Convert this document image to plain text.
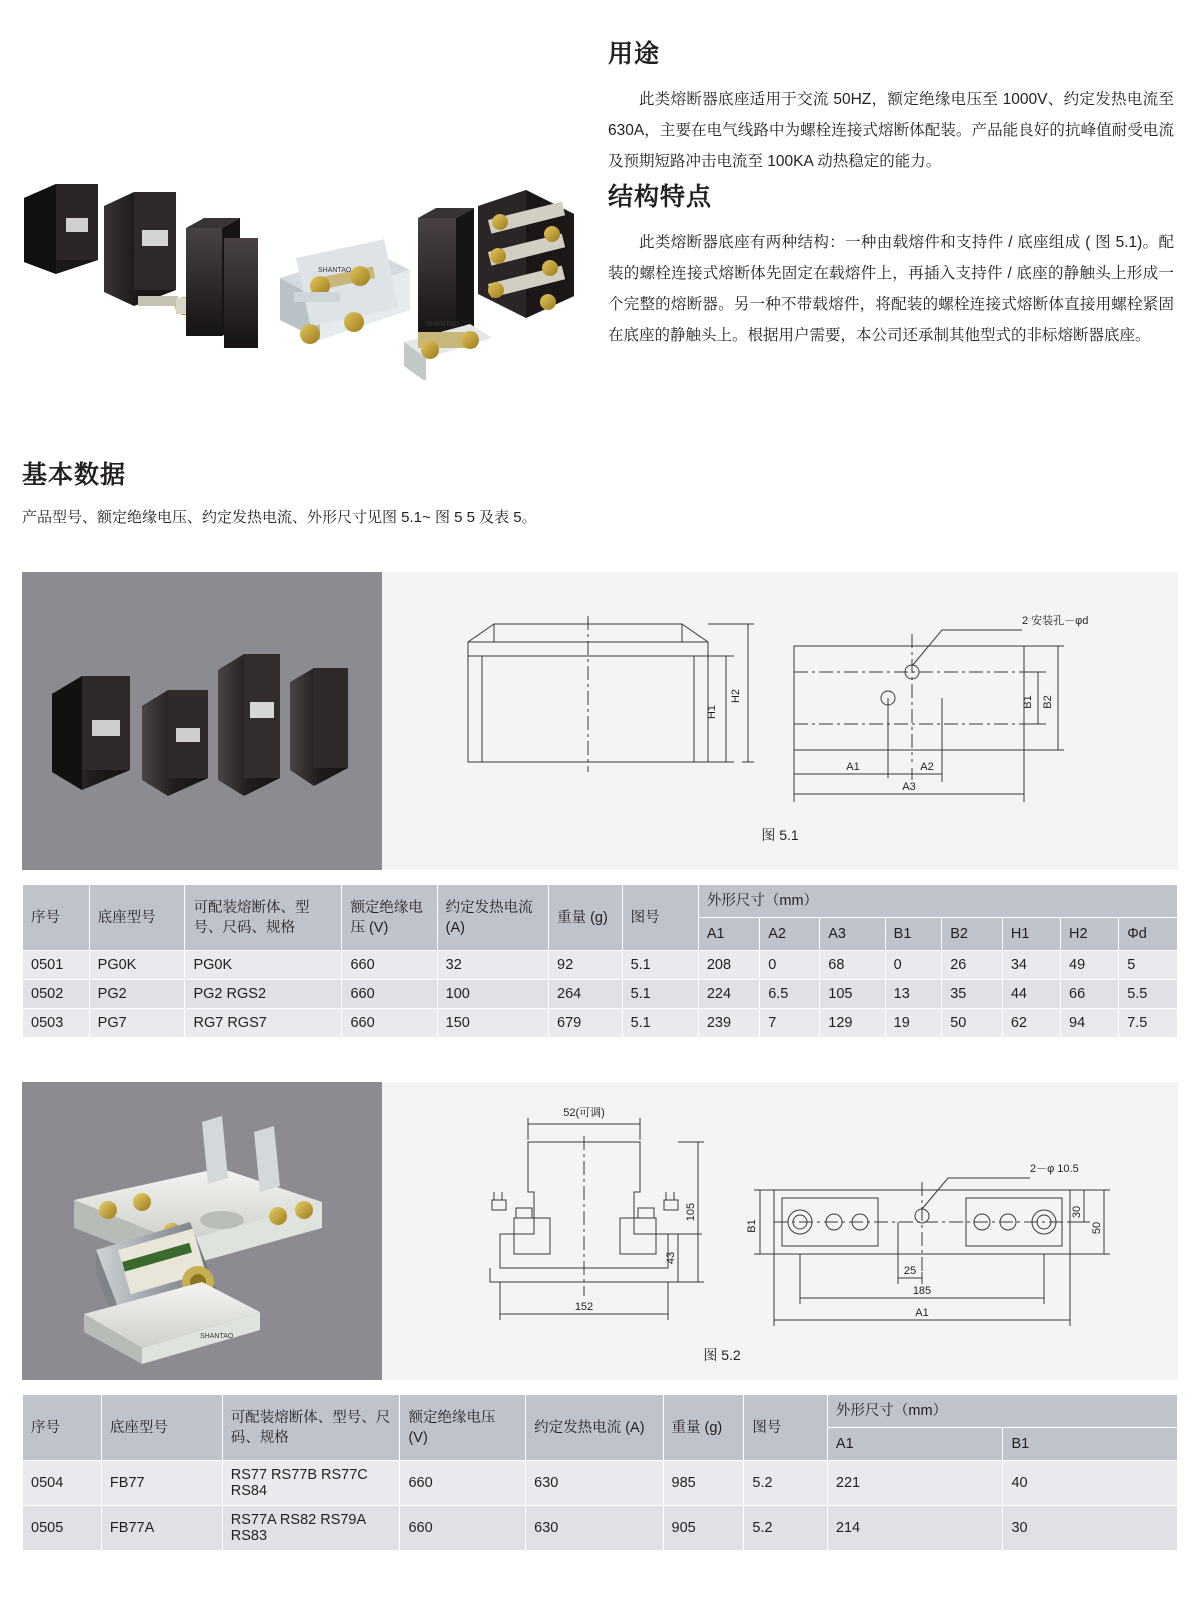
SHANTAO
SHANTAO
用途

此类熔断器底座适用于交流 50HZ，额定绝缘电压至 1000V、约定发热电流至 630A，主要在电气线路中为螺栓连接式熔断体配装。产品能良好的抗峰值耐受电流及预期短路冲击电流至 100KA 动热稳定的能力。

结构特点

此类熔断器底座有两种结构：一种由载熔件和支持件 / 底座组成 ( 图 5.1)。配装的螺栓连接式熔断体先固定在载熔件上，再插入支持件 / 底座的静触头上形成一个完整的熔断器。另一种不带载熔件，将配装的螺栓连接式熔断体直接用螺栓紧固在底座的静触头上。根据用户需要，本公司还承制其他型式的非标熔断器底座。

基本数据
产品型号、额定绝缘电压、约定发热电流、外形尺寸见图 5.1~ 图 5 5 及表 5。
H1
H2
2 安装孔－φd
B1 B2
A1	A2
A3
图 5.1
序号	底座型号	可配装熔断体、型号、尺码、规格	额定绝缘电压 (V)	约定发热电流 (A)	重量 (g)	图号	外形尺寸（mm）							
							A1	A2	A3	B1	B2	H1	H2	Φd
0501	PG0K	PG0K	660	32	92	5.1	208	0	68	0	26	34	49	5
0502	PG2	PG2 RGS2	660	100	264	5.1	224	6.5	105	13	35	44	66	5.5
0503	PG7	RG7 RGS7	660	150	679	5.1	239	7	129	19	50	62	94	7.5
SHANTAO
52(可调)
105
43
152
2－φ 10.5
30
50
B1
25
185
A1
图 5.2
序号	底座型号	可配装熔断体、型号、尺码、规格	额定绝缘电压 (V)	约定发热电流 (A)	重量 (g)	图号	外形尺寸（mm）	
							A1	B1
0504	FB77	RS77 RS77B RS77C RS84	660	630	985	5.2	221	40
0505	FB77A	RS77A RS82 RS79A RS83	660	630	905	5.2	214	30
